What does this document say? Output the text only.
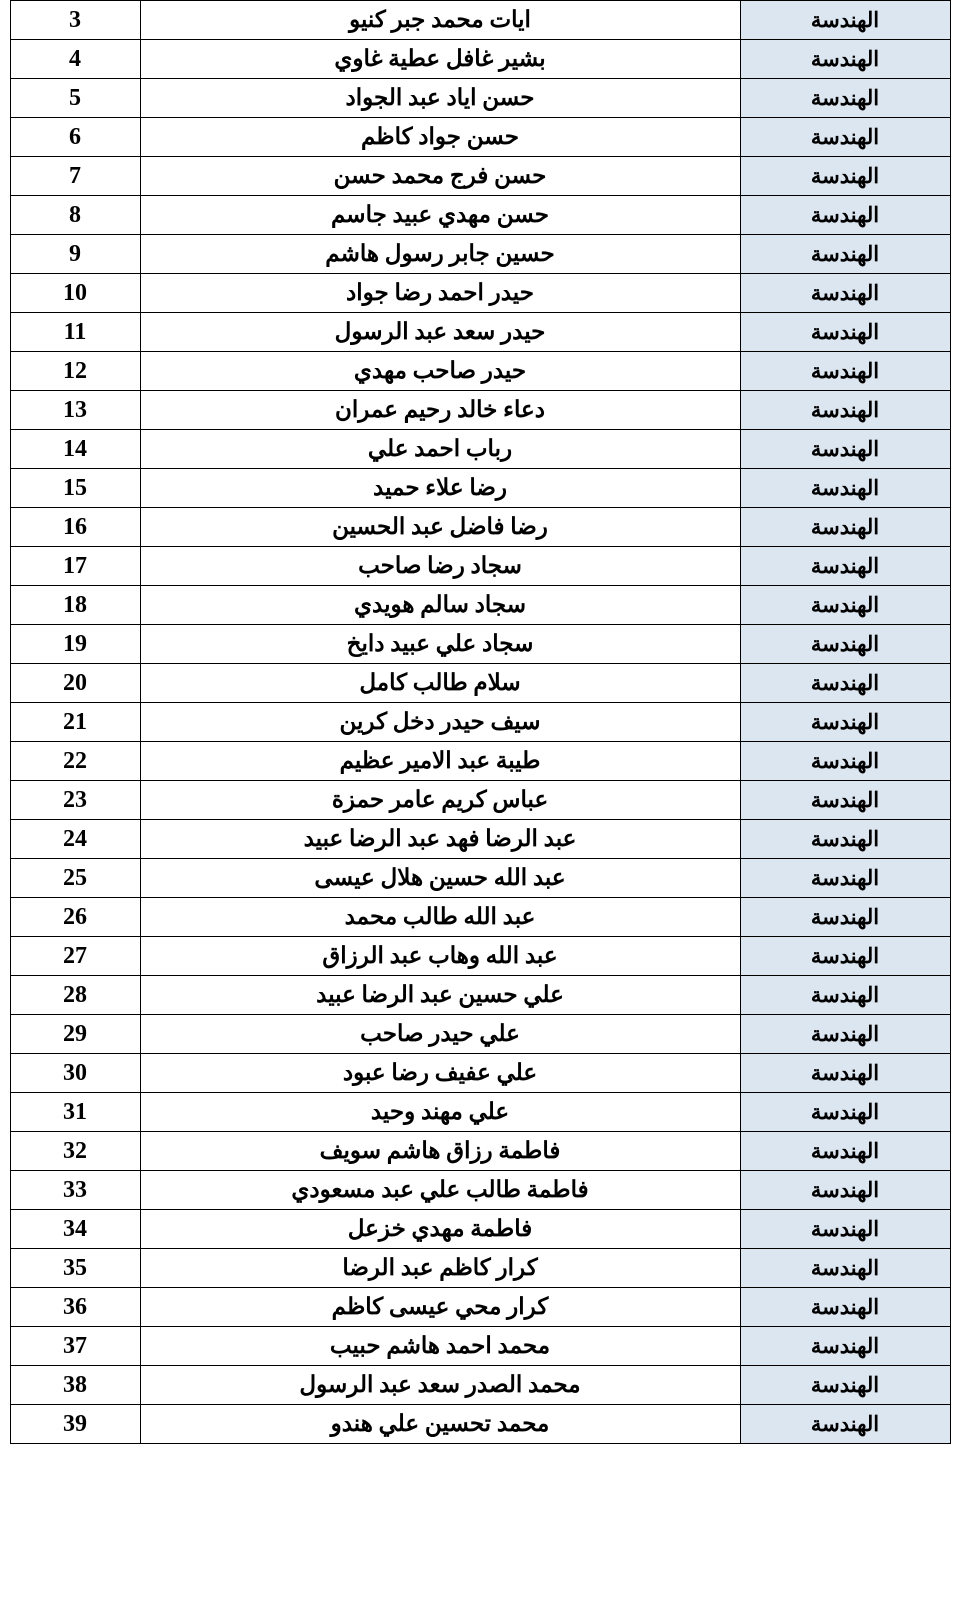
الهندسة	ايات محمد جبر كنيو	3
الهندسة	بشير غافل عطية غاوي	4
الهندسة	حسن اياد عبد الجواد	5
الهندسة	حسن جواد كاظم	6
الهندسة	حسن فرج محمد حسن	7
الهندسة	حسن مهدي عبيد جاسم	8
الهندسة	حسين جابر رسول هاشم	9
الهندسة	حيدر احمد رضا جواد	10
الهندسة	حيدر سعد عبد الرسول	11
الهندسة	حيدر صاحب مهدي	12
الهندسة	دعاء خالد رحيم عمران	13
الهندسة	رباب احمد علي	14
الهندسة	رضا علاء حميد	15
الهندسة	رضا فاضل عبد الحسين	16
الهندسة	سجاد رضا صاحب	17
الهندسة	سجاد سالم هويدي	18
الهندسة	سجاد علي عبيد دايخ	19
الهندسة	سلام طالب كامل	20
الهندسة	سيف حيدر دخل كرين	21
الهندسة	طيبة عبد الامير عظيم	22
الهندسة	عباس كريم عامر حمزة	23
الهندسة	عبد الرضا فهد عبد الرضا عبيد	24
الهندسة	عبد الله حسين هلال عيسى	25
الهندسة	عبد الله طالب محمد	26
الهندسة	عبد الله وهاب عبد الرزاق	27
الهندسة	علي حسين عبد الرضا عبيد	28
الهندسة	علي حيدر صاحب	29
الهندسة	علي عفيف رضا عبود	30
الهندسة	علي مهند وحيد	31
الهندسة	فاطمة رزاق هاشم سويف	32
الهندسة	فاطمة طالب علي عبد مسعودي	33
الهندسة	فاطمة مهدي خزعل	34
الهندسة	كرار كاظم عبد الرضا	35
الهندسة	كرار محي عيسى كاظم	36
الهندسة	محمد احمد هاشم حبيب	37
الهندسة	محمد الصدر سعد عبد الرسول	38
الهندسة	محمد تحسين علي هندو	39
